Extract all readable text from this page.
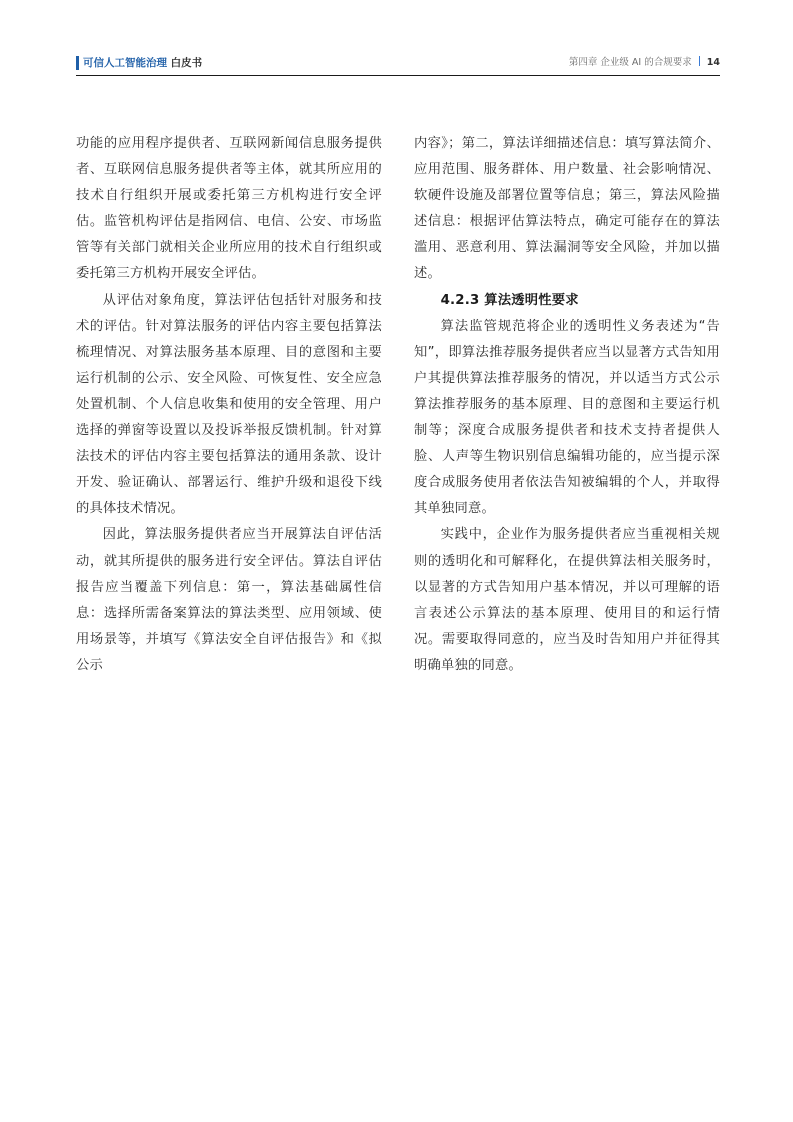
可信人工智能治理 白皮书	第四章 企业级 AI 的合规要求 14

功能的应用程序提供者、互联网新闻信息服务提供者、互联网信息服务提供者等主体，就其所应用的技术自行组织开展或委托第三方机构进行安全评估。监管机构评估是指网信、电信、公安、市场监管等有关部门就相关企业所应用的技术自行组织或委托第三方机构开展安全评估。

从评估对象角度，算法评估包括针对服务和技术的评估。针对算法服务的评估内容主要包括算法梳理情况、对算法服务基本原理、目的意图和主要运行机制的公示、安全风险、可恢复性、安全应急处置机制、个人信息收集和使用的安全管理、用户选择的弹窗等设置以及投诉举报反馈机制。针对算法技术的评估内容主要包括算法的通用条款、设计开发、验证确认、部署运行、维护升级和退役下线的具体技术情况。

因此，算法服务提供者应当开展算法自评估活动，就其所提供的服务进行安全评估。算法自评估报告应当覆盖下列信息：第一，算法基础属性信息：选择所需备案算法的算法类型、应用领域、使用场景等，并填写《算法安全自评估报告》和《拟公示

内容》；第二，算法详细描述信息：填写算法简介、应用范围、服务群体、用户数量、社会影响情况、软硬件设施及部署位置等信息；第三，算法风险描述信息：根据评估算法特点，确定可能存在的算法滥用、恶意利用、算法漏洞等安全风险，并加以描述。

4.2.3 算法透明性要求

算法监管规范将企业的透明性义务表述为“告知”，即算法推荐服务提供者应当以显著方式告知用户其提供算法推荐服务的情况，并以适当方式公示算法推荐服务的基本原理、目的意图和主要运行机制等；深度合成服务提供者和技术支持者提供人脸、人声等生物识别信息编辑功能的，应当提示深度合成服务使用者依法告知被编辑的个人，并取得其单独同意。

实践中，企业作为服务提供者应当重视相关规则的透明化和可解释化，在提供算法相关服务时，以显著的方式告知用户基本情况，并以可理解的语言表述公示算法的基本原理、使用目的和运行情况。需要取得同意的，应当及时告知用户并征得其明确单独的同意。
